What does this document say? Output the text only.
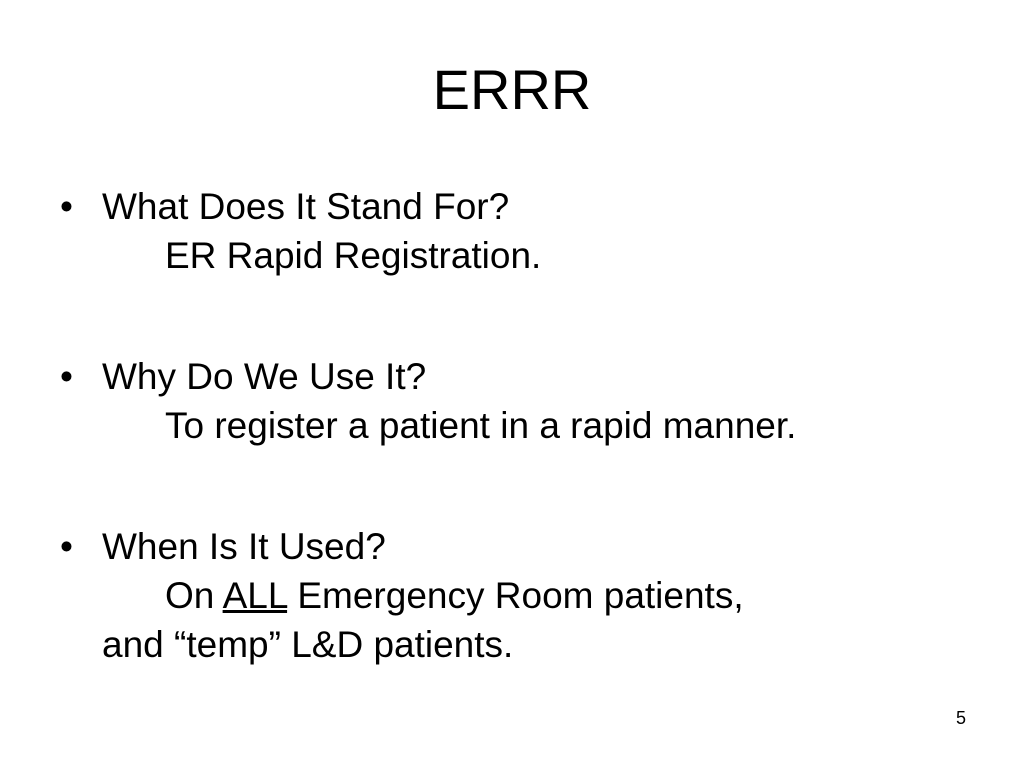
ERRR
• What Does It Stand For?
ER Rapid Registration.
• Why Do We Use It?
To register a patient in a rapid manner.
• When Is It Used?
On ALL Emergency Room patients,
and “temp” L&D patients.
5
